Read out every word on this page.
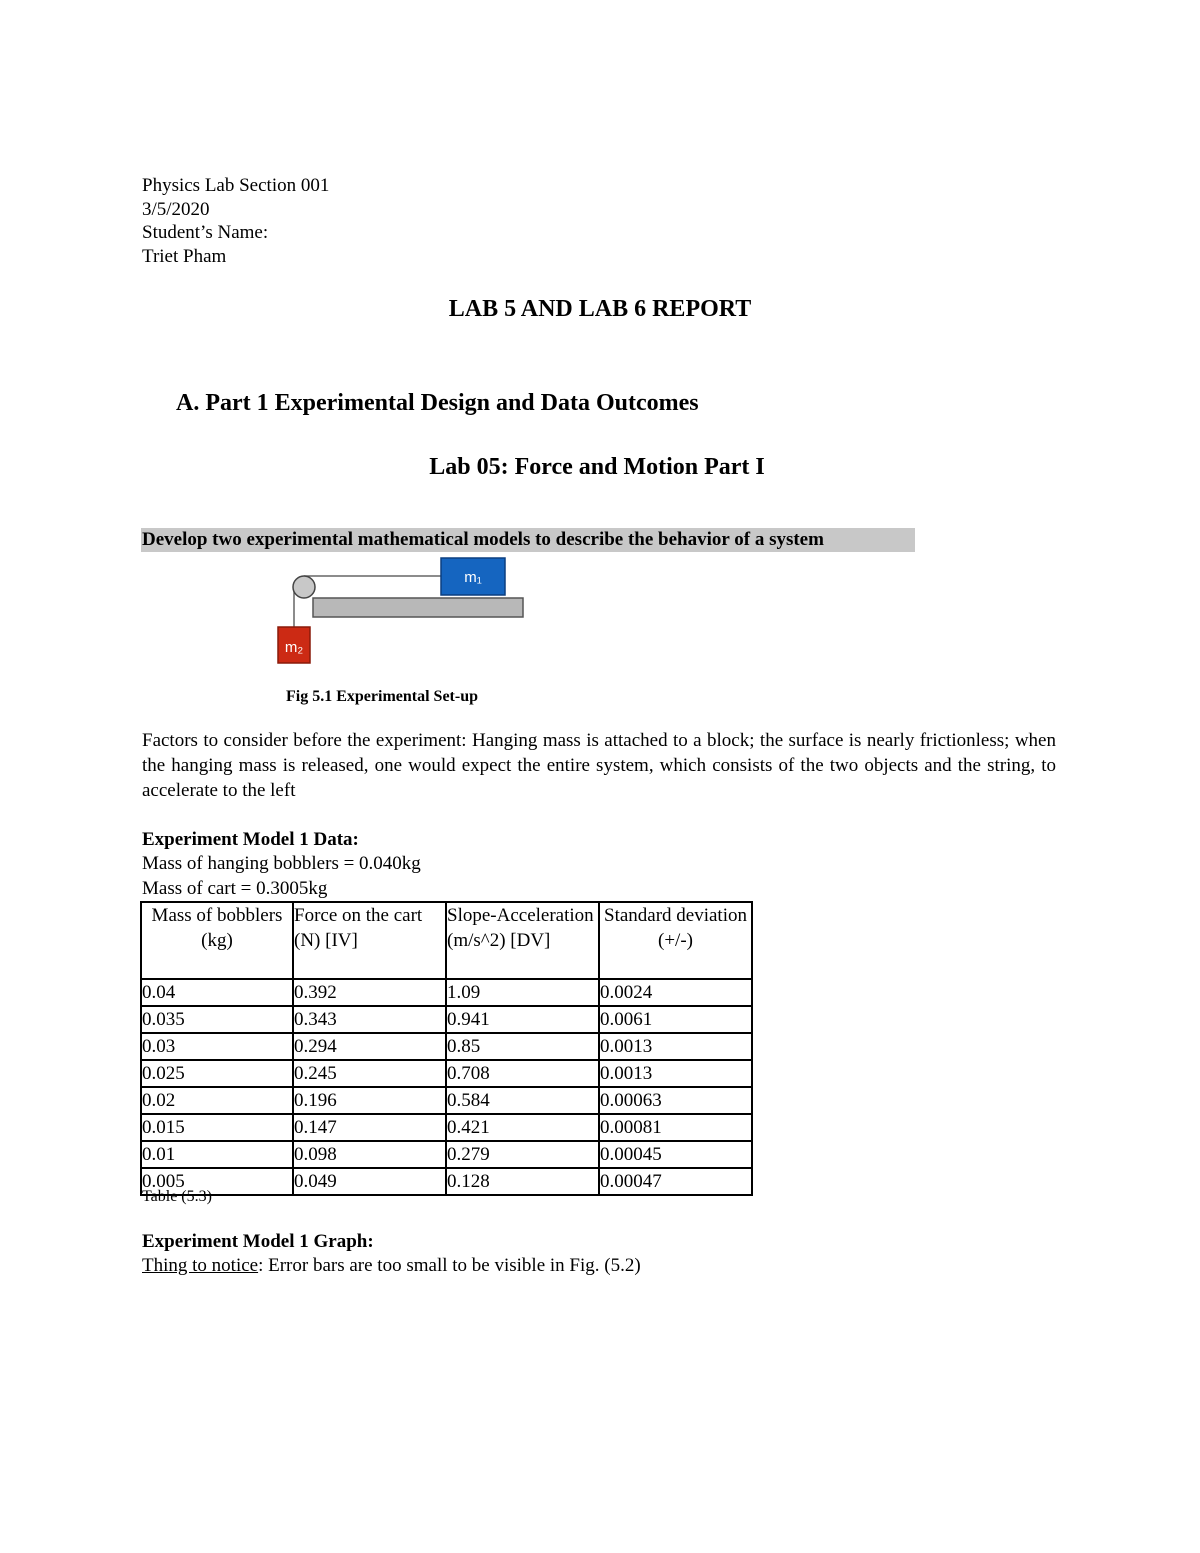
Physics Lab Section 001
3/5/2020
Student’s Name:
Triet Pham
LAB 5 AND LAB 6 REPORT
A. Part 1 Experimental Design and Data Outcomes
Lab 05: Force and Motion Part I
Develop two experimental mathematical models to describe the behavior of a system
m₁
m₂
Fig 5.1 Experimental Set-up
Factors to consider before the experiment: Hanging mass is attached to a block; the surface is nearly frictionless; when the hanging mass is released, one would expect the entire system, which consists of the two objects and the string, to accelerate to the left
Experiment Model 1 Data:
Mass of hanging bobblers = 0.040kg
Mass of cart = 0.3005kg
Mass of bobblers (kg)	Force on the cart (N) [IV]	Slope-Acceleration (m/s^2) [DV]	Standard deviation (+/-)
0.04	0.392	1.09	0.0024
0.035	0.343	0.941	0.0061
0.03	0.294	0.85	0.0013
0.025	0.245	0.708	0.0013
0.02	0.196	0.584	0.00063
0.015	0.147	0.421	0.00081
0.01	0.098	0.279	0.00045
0.005	0.049	0.128	0.00047
Table (5.3)
Experiment Model 1 Graph:
Thing to notice: Error bars are too small to be visible in Fig. (5.2)
